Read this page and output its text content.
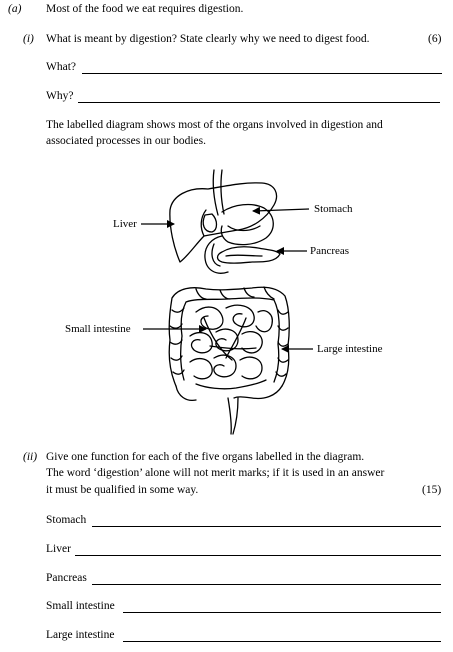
(a) Most of the food we eat requires digestion.
(i) What is meant by digestion? State clearly why we need to digest food.	(6)
What?
Why?
The labelled diagram shows most of the organs involved in digestion and
associated processes in our bodies.
Liver
Stomach
Pancreas
Small intestine
Large intestine
(ii) Give one function for each of the five organs labelled in the diagram.
The word ‘digestion’ alone will not merit marks; if it is used in an answer
it must be qualified in some way.	(15)
Stomach
Liver
Pancreas
Small intestine
Large intestine
